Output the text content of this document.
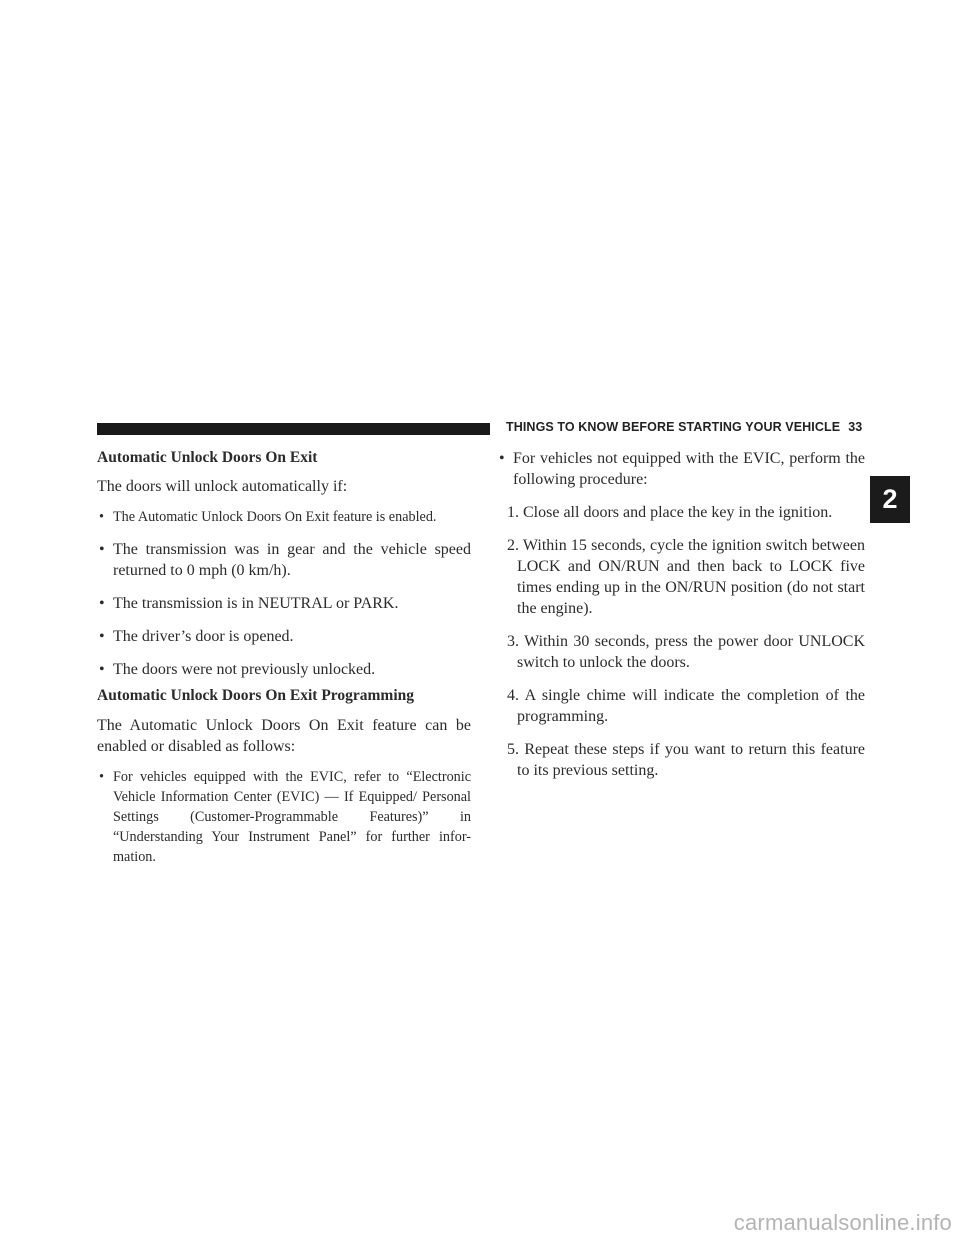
THINGS TO KNOW BEFORE STARTING YOUR VEHICLE 33
2
Automatic Unlock Doors On Exit
The doors will unlock automatically if:
• The Automatic Unlock Doors On Exit feature is enabled.
• The transmission was in gear and the vehicle speed returned to 0 mph (0 km/h).
• The transmission is in NEUTRAL or PARK.
• The driver’s door is opened.
• The doors were not previously unlocked.
Automatic Unlock Doors On Exit Programming
The Automatic Unlock Doors On Exit feature can be enabled or disabled as follows:
• For vehicles equipped with the EVIC, refer to “Electronic Vehicle Information Center (EVIC) — If Equipped/ Personal Settings (Customer-Programmable Features)” in “Understanding Your Instrument Panel” for further infor- mation.
• For vehicles not equipped with the EVIC, perform the following procedure:
1. Close all doors and place the key in the ignition.
2. Within 15 seconds, cycle the ignition switch between LOCK and ON/RUN and then back to LOCK five times ending up in the ON/RUN position (do not start the engine).
3. Within 30 seconds, press the power door UNLOCK switch to unlock the doors.
4. A single chime will indicate the completion of the programming.
5. Repeat these steps if you want to return this feature to its previous setting.
carmanualsonline.info
